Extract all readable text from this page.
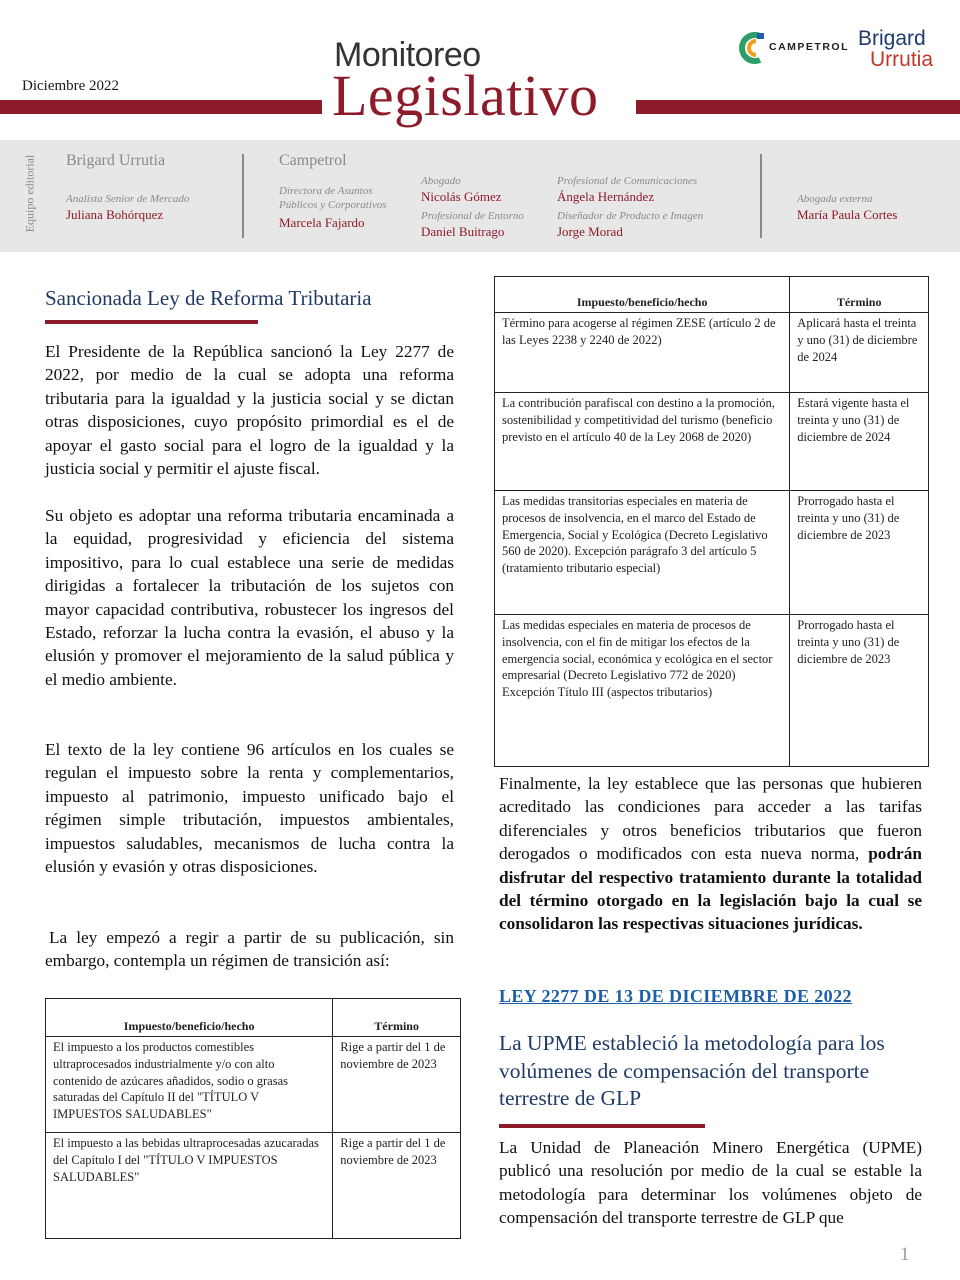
Diciembre 2022
Monitoreo
Legislativo
CAMPETROL Brigard
Urrutia
Equipo editorial Brigard Urrutia
Analista Senior de Mercado
Juliana Bohórquez
Campetrol
Directora de Asuntos Públicos y Corporativos
Marcela Fajardo
Abogado
Nicolás Gómez
Profesional de Entorno
Daniel Buitrago
Profesional de Comunicaciones
Ángela Hernández
Diseñador de Producto e Imagen
Jorge Morad
Abogada externa
María Paula Cortes
Sancionada Ley de Reforma Tributaria

El Presidente de la República sancionó la Ley 2277 de 2022, por medio de la cual se adopta una reforma tributaria para la igualdad y la justicia social y se dictan otras disposiciones, cuyo propósito primordial es el de apoyar el gasto social para el logro de la igualdad y la justicia social y permitir el ajuste fiscal.

Su objeto es adoptar una reforma tributaria encaminada a la equidad, progresividad y eficiencia del sistema impositivo, para lo cual establece una serie de medidas dirigidas a fortalecer la tributación de los sujetos con mayor capacidad contributiva, robustecer los ingresos del Estado, reforzar la lucha contra la evasión, el abuso y la elusión y promover el mejoramiento de la salud pública y el medio ambiente.

El texto de la ley contiene 96 artículos en los cuales se regulan el impuesto sobre la renta y complementarios, impuesto al patrimonio, impuesto unificado bajo el régimen simple tributación, impuestos ambientales, impuestos saludables, mecanismos de lucha contra la elusión y evasión y otras disposiciones.

La ley empezó a regir a partir de su publicación, sin embargo, contempla un régimen de transición así:

Impuesto/beneficio/hecho	Término
El impuesto a los productos comestibles ultraprocesados industrialmente y/o con alto contenido de azúcares añadidos, sodio o grasas saturadas del Capítulo II del "TÍTULO V IMPUESTOS SALUDABLES"	Rige a partir del 1 de noviembre de 2023
El impuesto a las bebidas ultraprocesadas azucaradas del Capítulo I del "TÍTULO V IMPUESTOS SALUDABLES"	Rige a partir del 1 de noviembre de 2023
Impuesto/beneficio/hecho	Término
Término para acogerse al régimen ZESE (artículo 2 de las Leyes 2238 y 2240 de 2022)	Aplicará hasta el treinta y uno (31) de diciembre de 2024
La contribución parafiscal con destino a la promoción, sostenibilidad y competitividad del turismo (beneficio previsto en el artículo 40 de la Ley 2068 de 2020)	Estará vigente hasta el treinta y uno (31) de diciembre de 2024
Las medidas transitorias especiales en materia de procesos de insolvencia, en el marco del Estado de Emergencia, Social y Ecológica (Decreto Legislativo 560 de 2020). Excepción parágrafo 3 del artículo 5 (tratamiento tributario especial)	Prorrogado hasta el treinta y uno (31) de diciembre de 2023
Las medidas especiales en materia de procesos de insolvencia, con el fin de mitigar los efectos de la emergencia social, económica y ecológica en el sector empresarial (Decreto Legislativo 772 de 2020) Excepción Título III (aspectos tributarios)	Prorrogado hasta el treinta y uno (31) de diciembre de 2023

Finalmente, la ley establece que las personas que hubieren acreditado las condiciones para acceder a las tarifas diferenciales y otros beneficios tributarios que fueron derogados o modificados con esta nueva norma, podrán disfrutar del respectivo tratamiento durante la totalidad del término otorgado en la legislación bajo la cual se consolidaron las respectivas situaciones jurídicas.

LEY 2277 DE 13 DE DICIEMBRE DE 2022
La UPME estableció la metodología para los volúmenes de compensación del transporte terrestre de GLP

La Unidad de Planeación Minero Energética (UPME) publicó una resolución por medio de la cual se estable la metodología para determinar los volúmenes objeto de compensación del transporte terrestre de GLP que

1
